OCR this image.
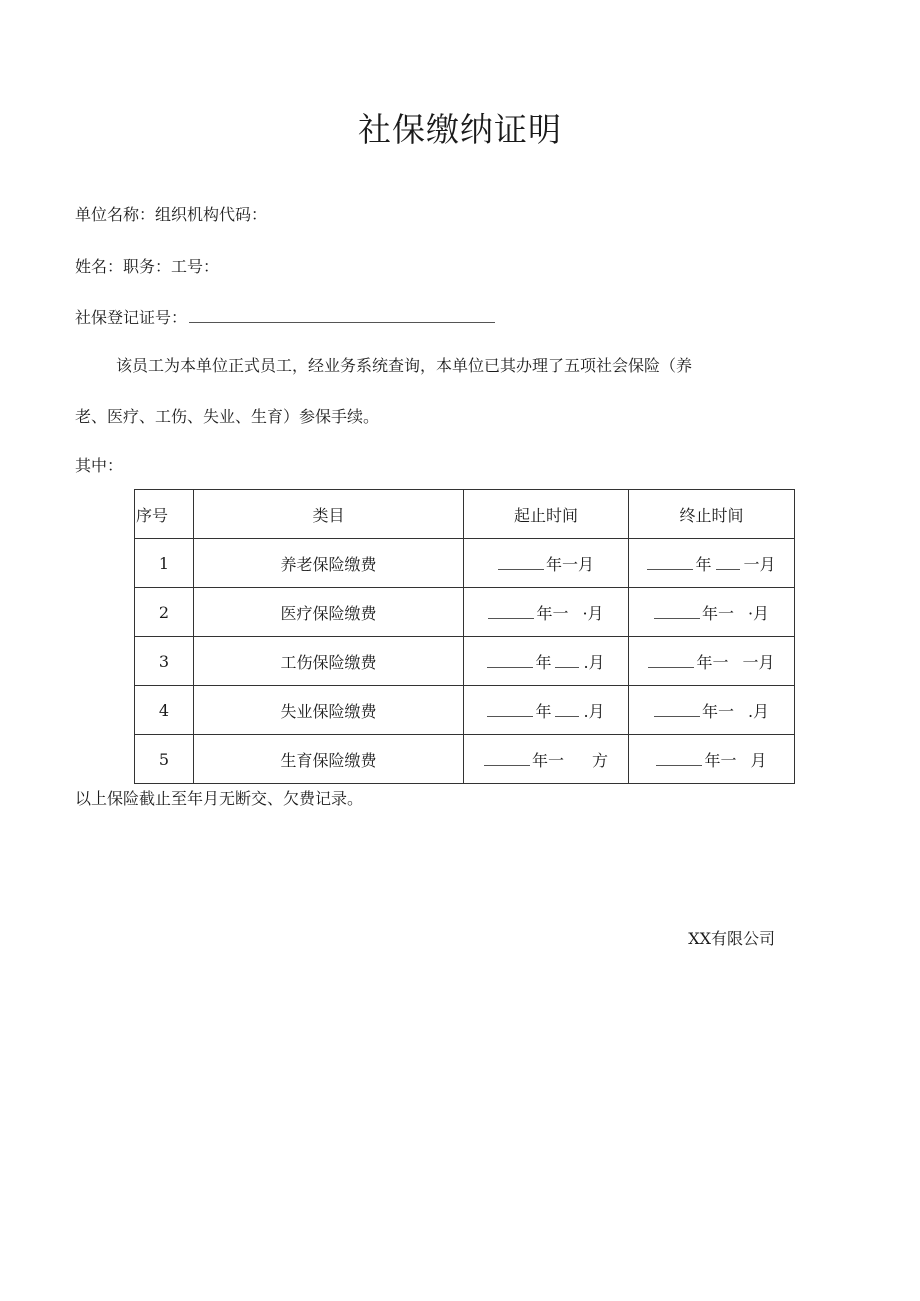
社保缴纳证明
单位名称：组织机构代码：
姓名：职务：工号：
社保登记证号：
该员工为本单位正式员工，经业务系统查询，本单位已其办理了五项社会保险（养
老、医疗、工伤、失业、生育）参保手续。
其中：
序号	类目	起止时间	终止时间
1	养老保险缴费	年一月	年 一月
2	医疗保险缴费	年一 ·月	年一 ·月
3	工伤保险缴费	年 .月	年一 一月
4	失业保险缴费	年 .月	年一 .月
5	生育保险缴费	年一 方	年一 月
以上保险截止至年月无断交、欠费记录。
XX有限公司
